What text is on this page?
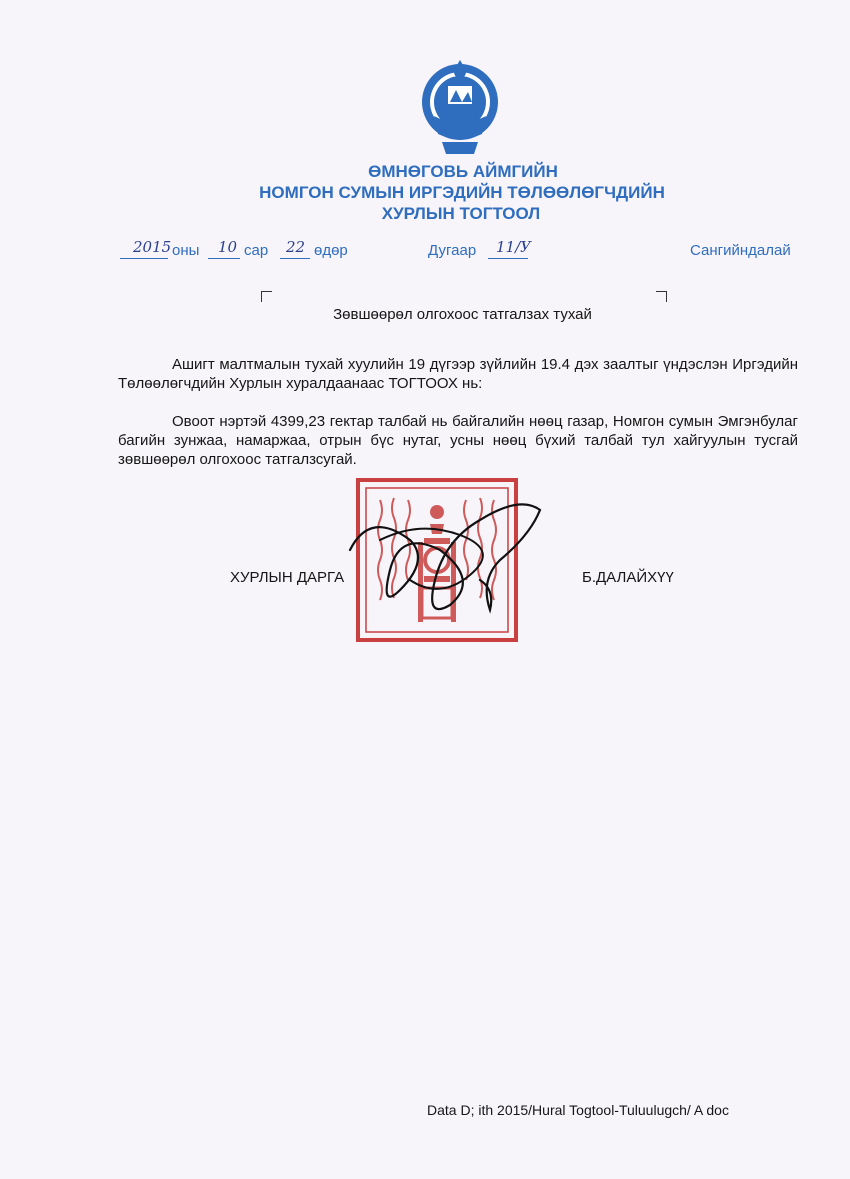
ӨМНӨГОВЬ АЙМГИЙН
НОМГОН СУМЫН ИРГЭДИЙН ТӨЛӨӨЛӨГЧДИЙН
ХУРЛЫН ТОГТООЛ
2015 оны 10 сар 22 өдөр	Дугаар 11/У	Сангийндалай
Зөвшөөрөл олгохоос татгалзах тухай
Ашигт малтмалын тухай хуулийн 19 дүгээр зүйлийн 19.4 дэх заалтыг үндэслэн Иргэдийн Төлөөлөгчдийн Хурлын хуралдаанаас ТОГТООХ нь:
Овоот нэртэй 4399,23 гектар талбай нь байгалийн нөөц газар, Номгон сумын Эмгэнбулаг багийн зунжаа, намаржаа, отрын бүс нутаг, усны нөөц бүхий талбай тул хайгуулын тусгай зөвшөөрөл олгохоос татгалзсугай.
ХУРЛЫН ДАРГА	Б.ДАЛАЙХҮҮ
Data D; ith 2015/Hural Togtool-Tuluulugch/ A doc
